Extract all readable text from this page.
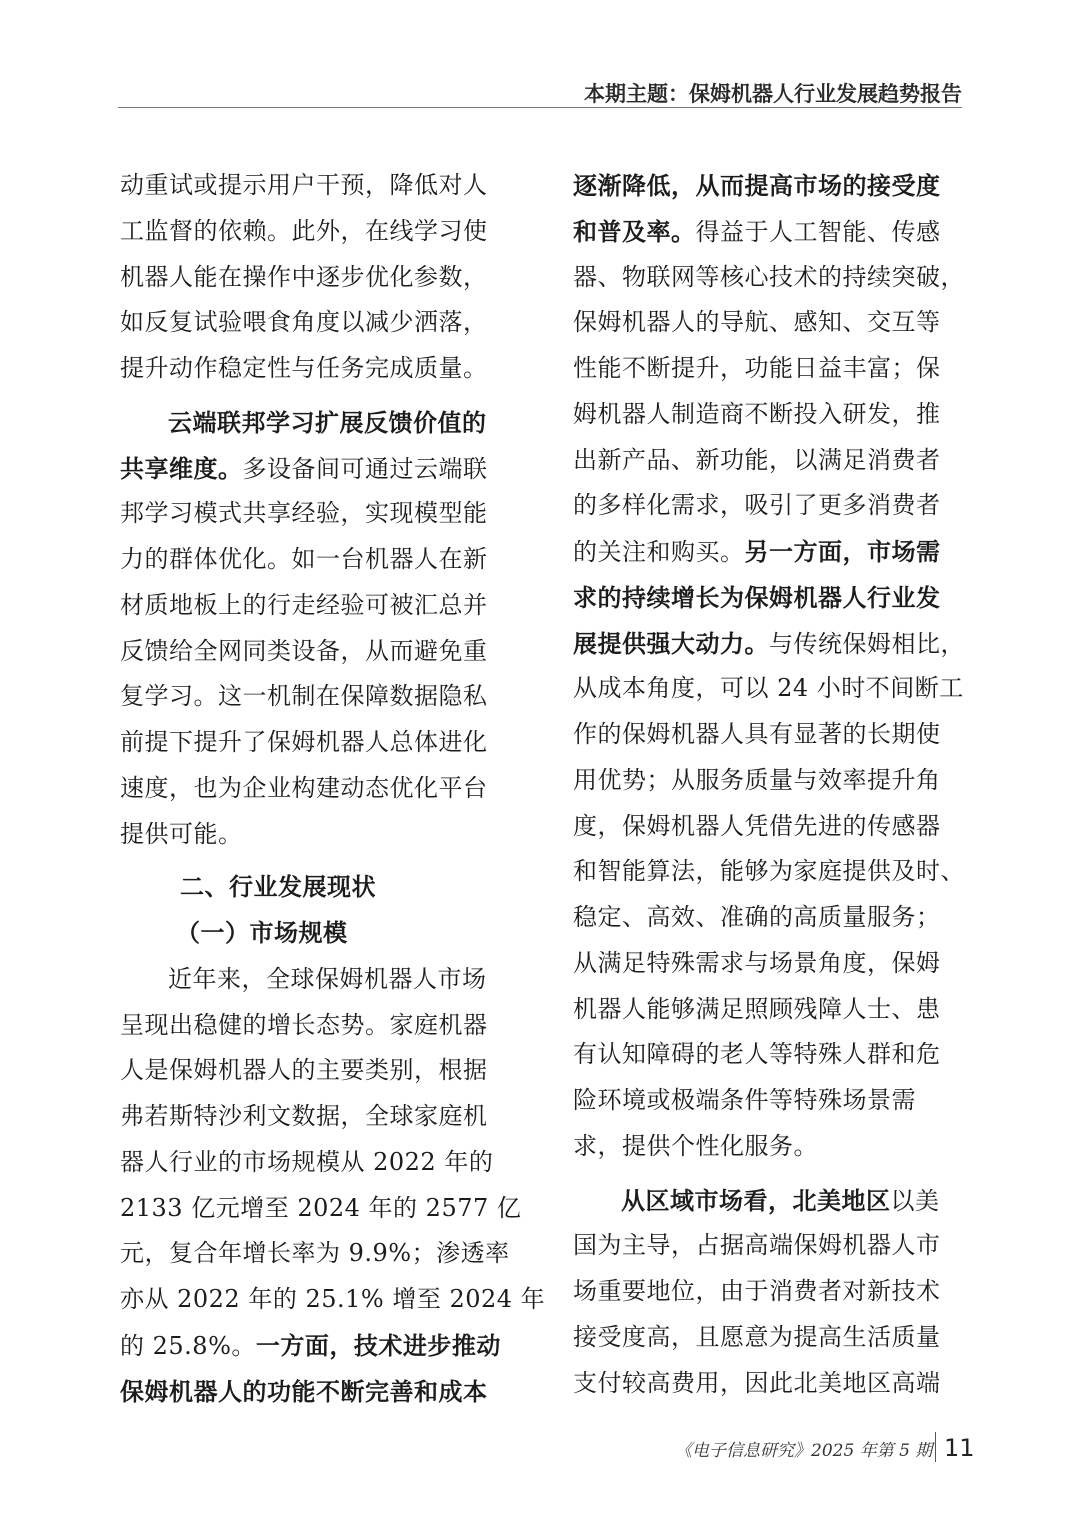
本期主题：保姆机器人行业发展趋势报告
动重试或提示用户干预，降低对人
工监督的依赖。此外，在线学习使
机器人能在操作中逐步优化参数，
如反复试验喂食角度以减少洒落，
提升动作稳定性与任务完成质量。
云端联邦学习扩展反馈价值的
共享维度。多设备间可通过云端联
邦学习模式共享经验，实现模型能
力的群体优化。如一台机器人在新
材质地板上的行走经验可被汇总并
反馈给全网同类设备，从而避免重
复学习。这一机制在保障数据隐私
前提下提升了保姆机器人总体进化
速度，也为企业构建动态优化平台
提供可能。
二、行业发展现状
（一）市场规模
近年来，全球保姆机器人市场
呈现出稳健的增长态势。家庭机器
人是保姆机器人的主要类别，根据
弗若斯特沙利文数据，全球家庭机
器人行业的市场规模从 2022 年的
2133 亿元增至 2024 年的 2577 亿
元，复合年增长率为 9.9%；渗透率
亦从 2022 年的 25.1% 增至 2024 年
的 25.8%。一方面，技术进步推动
保姆机器人的功能不断完善和成本
逐渐降低，从而提高市场的接受度
和普及率。得益于人工智能、传感
器、物联网等核心技术的持续突破，
保姆机器人的导航、感知、交互等
性能不断提升，功能日益丰富；保
姆机器人制造商不断投入研发，推
出新产品、新功能，以满足消费者
的多样化需求，吸引了更多消费者
的关注和购买。另一方面，市场需
求的持续增长为保姆机器人行业发
展提供强大动力。与传统保姆相比，
从成本角度，可以 24 小时不间断工
作的保姆机器人具有显著的长期使
用优势；从服务质量与效率提升角
度，保姆机器人凭借先进的传感器
和智能算法，能够为家庭提供及时、
稳定、高效、准确的高质量服务；
从满足特殊需求与场景角度，保姆
机器人能够满足照顾残障人士、患
有认知障碍的老人等特殊人群和危
险环境或极端条件等特殊场景需
求，提供个性化服务。
从区域市场看，北美地区以美
国为主导，占据高端保姆机器人市
场重要地位，由于消费者对新技术
接受度高，且愿意为提高生活质量
支付较高费用，因此北美地区高端
《电子信息研究》2025 年第 5 期 11
